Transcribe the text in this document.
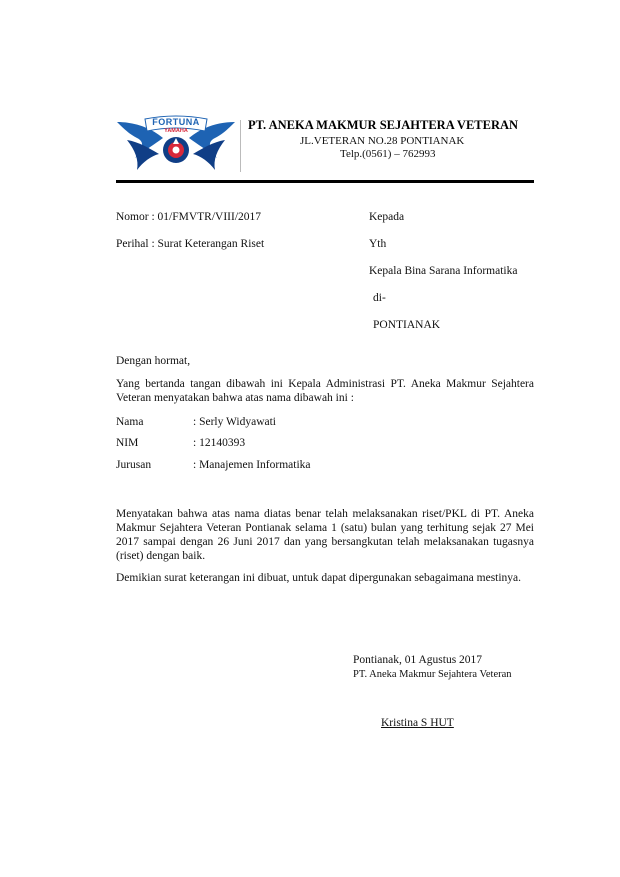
FORTUNA
YAMAHA	PT. ANEKA MAKMUR SEJAHTERA VETERAN
JL.VETERAN NO.28 PONTIANAK
Telp.(0561) – 762993
Nomor : 01/FMVTR/VIII/2017
Perihal : Surat Keterangan Riset
Kepada
Yth
Kepala Bina Sarana Informatika
di-
PONTIANAK
Dengan hormat,
Yang bertanda tangan dibawah ini Kepala Administrasi PT. Aneka Makmur Sejahtera Veteran menyatakan bahwa atas nama dibawah ini :
Nama	: Serly Widyawati
NIM	: 12140393
Jurusan	: Manajemen Informatika
Menyatakan bahwa atas nama diatas benar telah melaksanakan riset/PKL di PT. Aneka Makmur Sejahtera Veteran Pontianak selama 1 (satu) bulan yang terhitung sejak 27 Mei 2017 sampai dengan 26 Juni 2017 dan yang bersangkutan telah melaksanakan tugasnya (riset) dengan baik.
Demikian surat keterangan ini dibuat, untuk dapat dipergunakan sebagaimana mestinya.
Pontianak, 01 Agustus 2017
PT. Aneka Makmur Sejahtera Veteran
Kristina S HUT
